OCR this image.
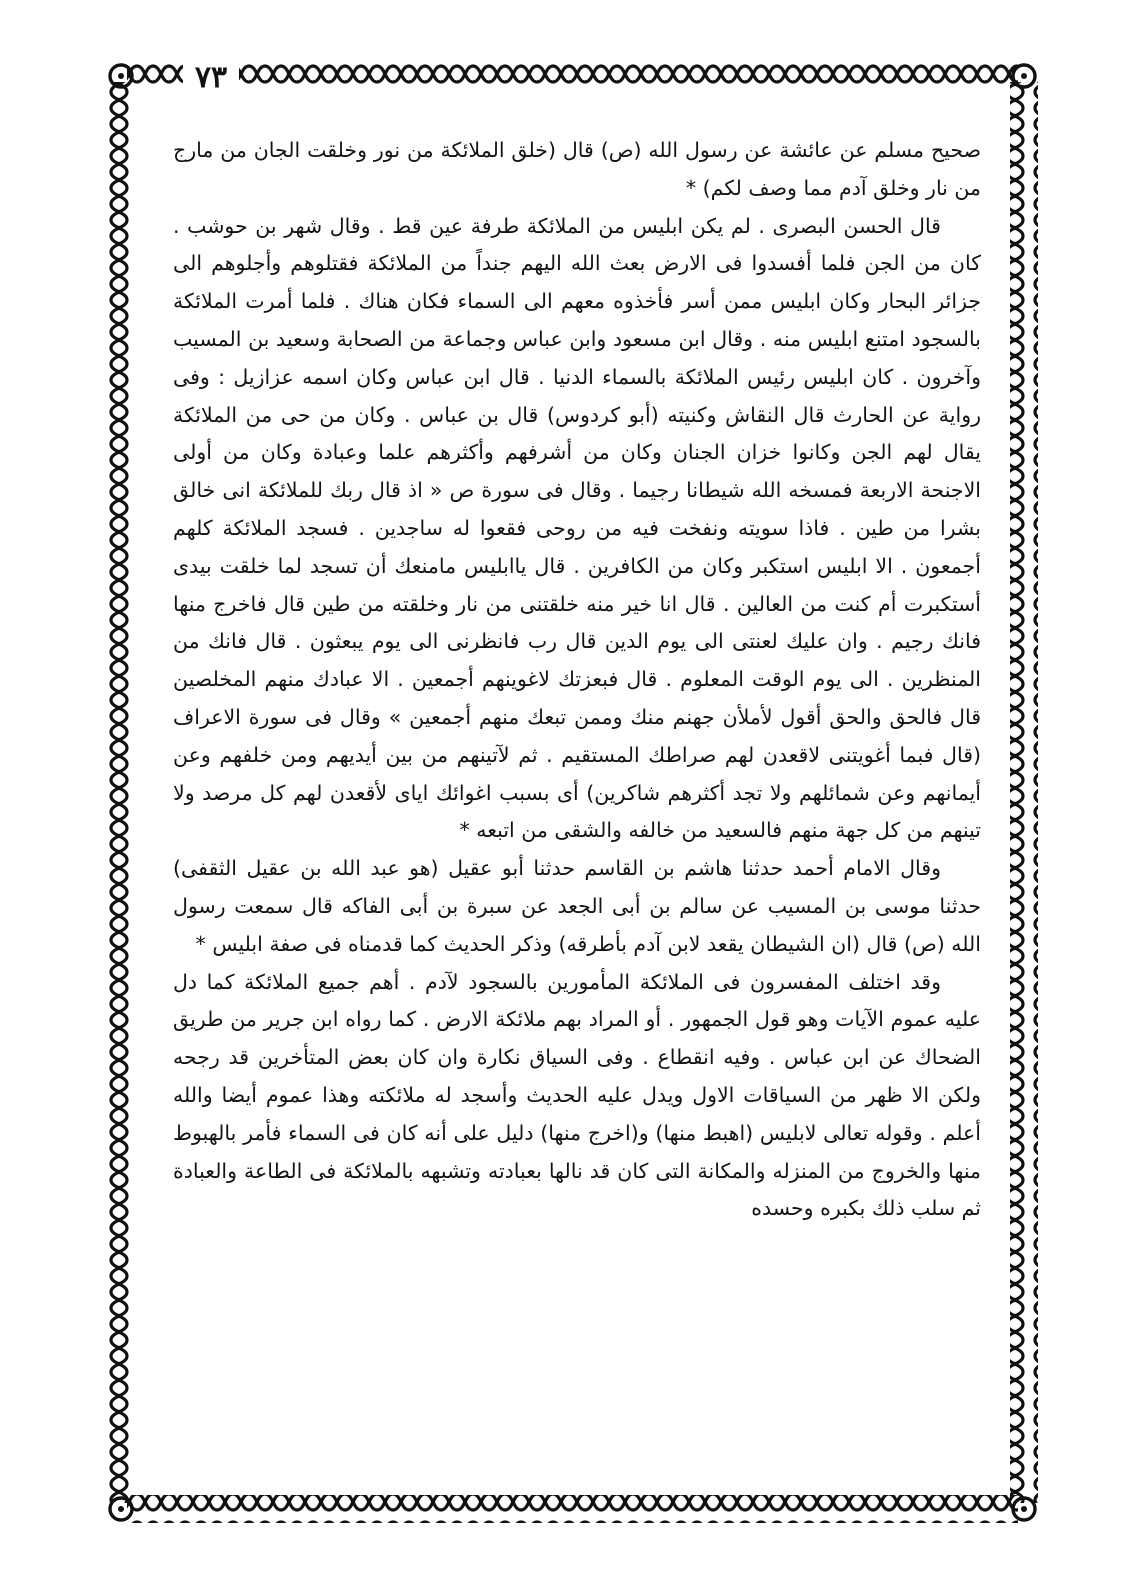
٧٣

صحيح مسلم عن عائشة عن رسول الله (ص) قال (خلق الملائكة من نور وخلقت الجان من مارج من نار وخلق آدم مما وصف لكم) *

قال الحسن البصرى . لم يكن ابليس من الملائكة طرفة عين قط . وقال شهر بن حوشب . كان من الجن فلما أفسدوا فى الارض بعث الله اليهم جنداً من الملائكة فقتلوهم وأجلوهم الى جزائر البحار وكان ابليس ممن أسر فأخذوه معهم الى السماء فكان هناك . فلما أمرت الملائكة بالسجود امتنع ابليس منه . وقال ابن مسعود وابن عباس وجماعة من الصحابة وسعيد بن المسيب وآخرون . كان ابليس رئيس الملائكة بالسماء الدنيا . قال ابن عباس وكان اسمه عزازيل : وفى رواية عن الحارث قال النقاش وكنيته (أبو كردوس) قال بن عباس . وكان من حى من الملائكة يقال لهم الجن وكانوا خزان الجنان وكان من أشرفهم وأكثرهم علما وعبادة وكان من أولى الاجنحة الاربعة فمسخه الله شيطانا رجيما . وقال فى سورة ص « اذ قال ربك للملائكة انى خالق بشرا من طين . فاذا سويته ونفخت فيه من روحى فقعوا له ساجدين . فسجد الملائكة كلهم أجمعون . الا ابليس استكبر وكان من الكافرين . قال ياابليس مامنعك أن تسجد لما خلقت بيدى أستكبرت أم كنت من العالين . قال انا خير منه خلقتنى من نار وخلقته من طين قال فاخرج منها فانك رجيم . وان عليك لعنتى الى يوم الدين قال رب فانظرنى الى يوم يبعثون . قال فانك من المنظرين . الى يوم الوقت المعلوم . قال فبعزتك لاغوينهم أجمعين . الا عبادك منهم المخلصين قال فالحق والحق أقول لأملأن جهنم منك وممن تبعك منهم أجمعين » وقال فى سورة الاعراف (قال فبما أغويتنى لاقعدن لهم صراطك المستقيم . ثم لآتينهم من بين أيديهم ومن خلفهم وعن أيمانهم وعن شمائلهم ولا تجد أكثرهم شاكرين) أى بسبب اغوائك اياى لأقعدن لهم كل مرصد ولا تينهم من كل جهة منهم فالسعيد من خالفه والشقى من اتبعه *

وقال الامام أحمد حدثنا هاشم بن القاسم حدثنا أبو عقيل (هو عبد الله بن عقيل الثقفى) حدثنا موسى بن المسيب عن سالم بن أبى الجعد عن سبرة بن أبى الفاكه قال سمعت رسول الله (ص) قال (ان الشيطان يقعد لابن آدم بأطرقه) وذكر الحديث كما قدمناه فى صفة ابليس *

وقد اختلف المفسرون فى الملائكة المأمورين بالسجود لآدم . أهم جميع الملائكة كما دل عليه عموم الآيات وهو قول الجمهور . أو المراد بهم ملائكة الارض . كما رواه ابن جرير من طريق الضحاك عن ابن عباس . وفيه انقطاع . وفى السياق نكارة وان كان بعض المتأخرين قد رجحه ولكن الا ظهر من السياقات الاول ويدل عليه الحديث وأسجد له ملائكته وهذا عموم أيضا والله أعلم . وقوله تعالى لابليس (اهبط منها) و(اخرج منها) دليل على أنه كان فى السماء فأمر بالهبوط منها والخروج من المنزله والمكانة التى كان قد نالها بعبادته وتشبهه بالملائكة فى الطاعة والعبادة ثم سلب ذلك بكبره وحسده
